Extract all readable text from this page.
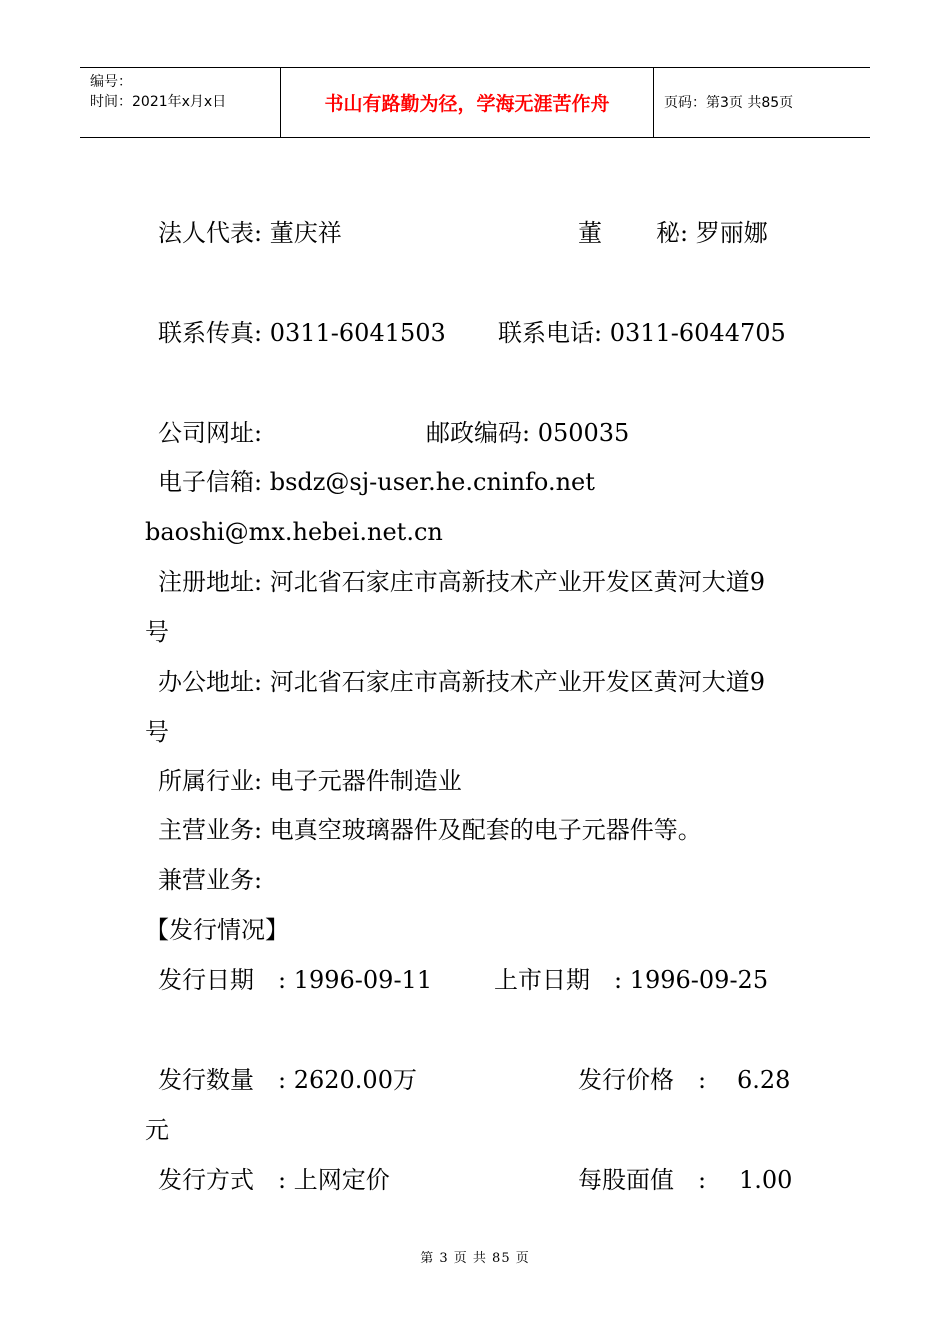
编号：
时间：2021年x月x日	书山有路勤为径，学海无涯苦作舟	页码：第3页 共85页
法人代表: 董庆祥	董 秘: 罗丽娜
联系传真: 0311-6041503 联系电话: 0311-6044705
公司网址:	邮政编码: 050035
电子信箱: bsdz@sj-user.he.cninfo.net
baoshi@mx.hebei.net.cn
注册地址: 河北省石家庄市高新技术产业开发区黄河大道9
号
办公地址: 河北省石家庄市高新技术产业开发区黄河大道9
号
所属行业: 电子元器件制造业
主营业务: 电真空玻璃器件及配套的电子元器件等。
兼营业务:
【发行情况】
发行日期　: 1996-09-11	上市日期　: 1996-09-25
发行数量　: 2620.00万	发行价格　: 6.28
元
发行方式　: 上网定价	每股面值　: 1.00
第 3 页 共 85 页
